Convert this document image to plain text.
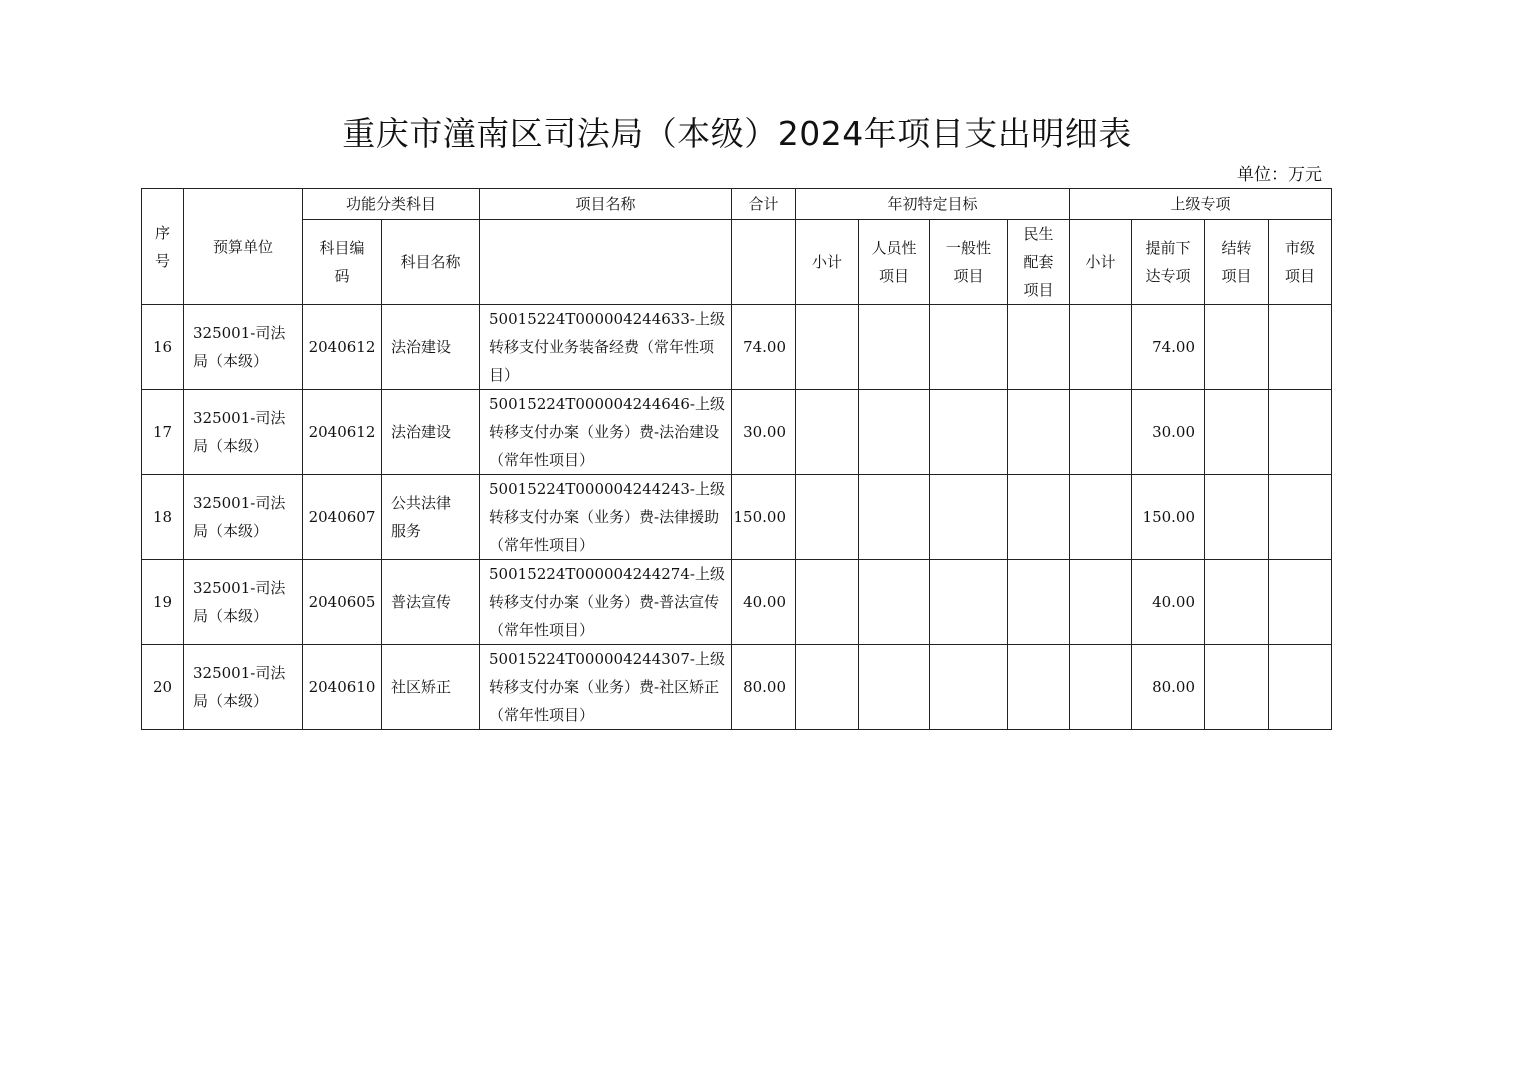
重庆市潼南区司法局（本级）2024年项目支出明细表
单位：万元
序号	预算单位	功能分类科目		项目名称	合计	年初特定目标				上级专项			
		科目编码	科目名称			小计	人员性项目	一般性项目	民生配套项目	小计	提前下达专项	结转项目	市级项目
16	325001-司法局（本级）	2040612	法治建设	50015224T000004244633-上级转移支付业务装备经费（常年性项目）	74.00						74.00		
17	325001-司法局（本级）	2040612	法治建设	50015224T000004244646-上级转移支付办案（业务）费-法治建设（常年性项目）	30.00						30.00		
18	325001-司法局（本级）	2040607	公共法律服务	50015224T000004244243-上级转移支付办案（业务）费-法律援助（常年性项目）	150.00						150.00		
19	325001-司法局（本级）	2040605	普法宣传	50015224T000004244274-上级转移支付办案（业务）费-普法宣传（常年性项目）	40.00						40.00		
20	325001-司法局（本级）	2040610	社区矫正	50015224T000004244307-上级转移支付办案（业务）费-社区矫正（常年性项目）	80.00						80.00		
